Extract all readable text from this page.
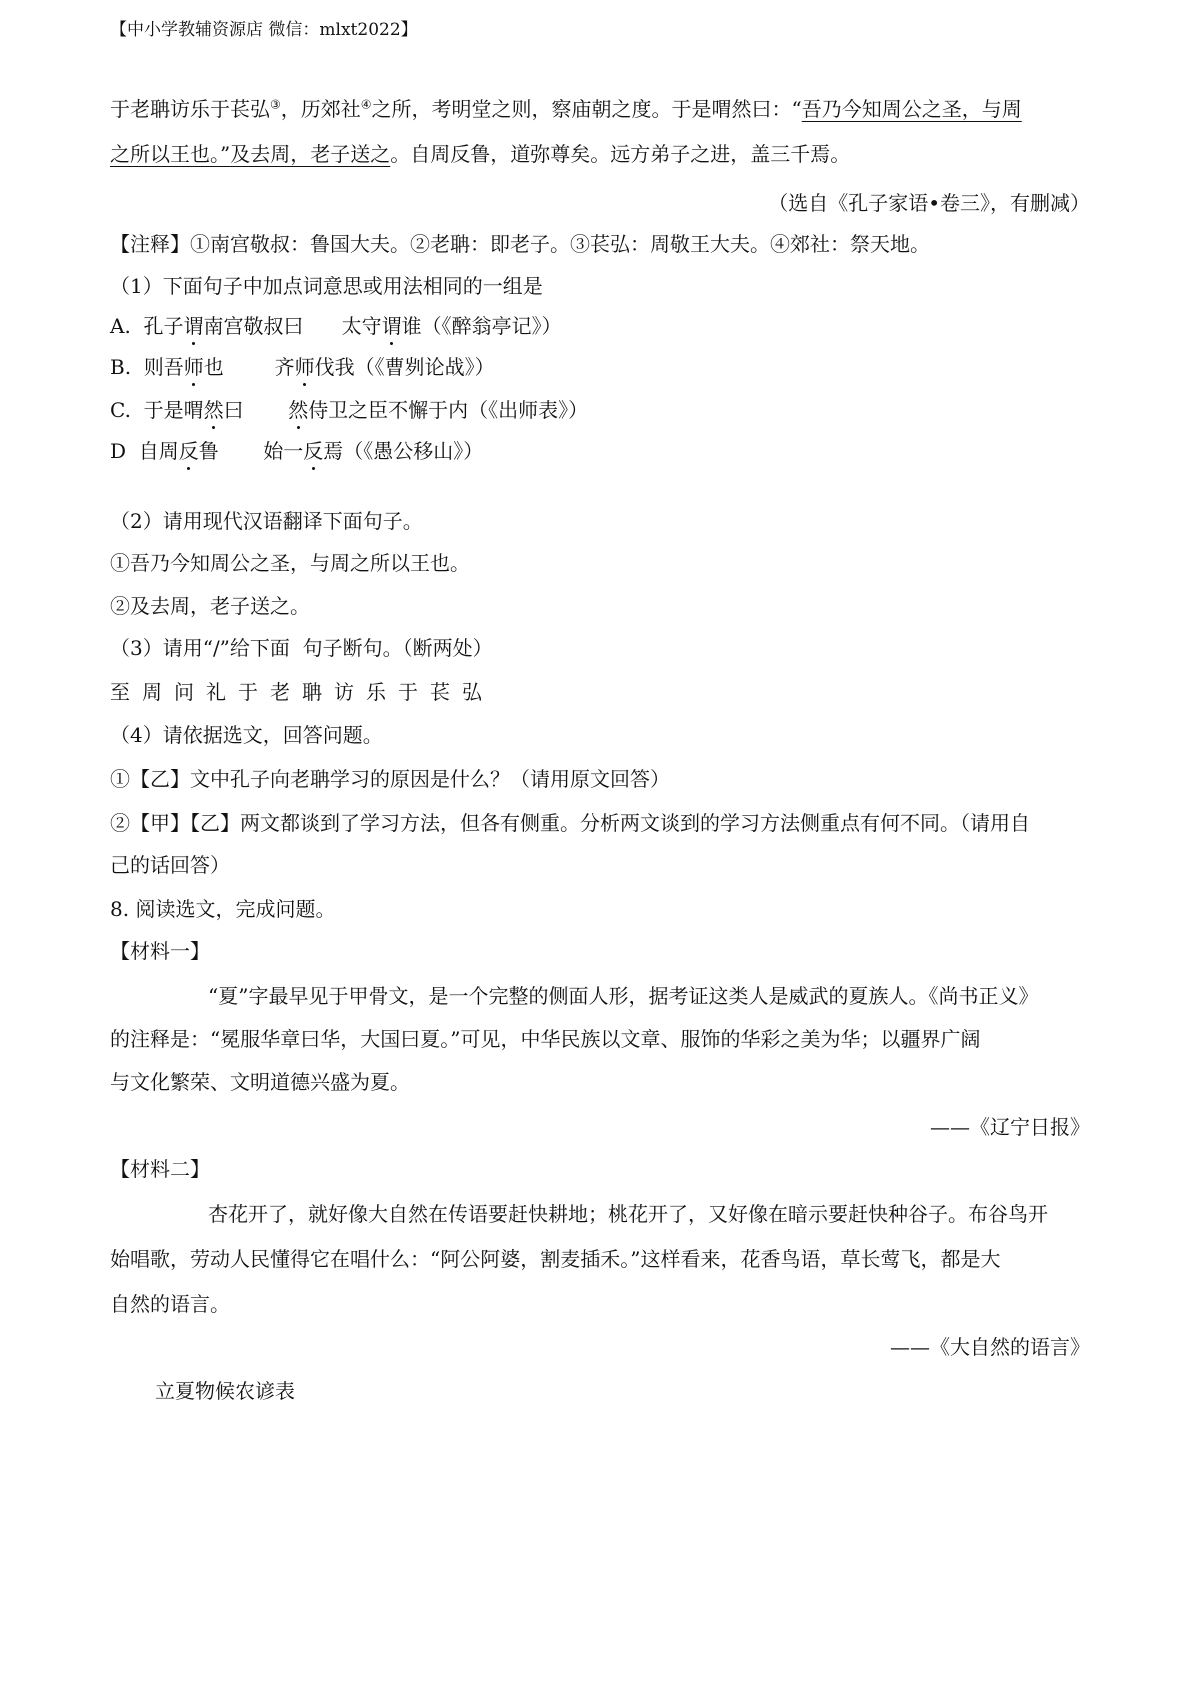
【中小学教辅资源店 微信：mlxt2022】
于老聃访乐于苌弘③，历郊社④之所，考明堂之则，察庙朝之度。于是喟然曰：“吾乃今知周公之圣，与周
之所以王也。”及去周，老子送之。自周反鲁，道弥尊矣。远方弟子之进，盖三千焉。
（选自《孔子家语•卷三》，有删减）
【注释】①南宫敬叔：鲁国大夫。②老聃：即老子。③苌弘：周敬王大夫。④郊社：祭天地。
（1）下面句子中加点词意思或用法相同的一组是
A.  孔子谓南宫敬叔曰      太守谓谁（《醉翁亭记》）
B.  则吾师也        齐师伐我（《曹刿论战》）
C.  于是喟然曰       然侍卫之臣不懈于内（《出师表》）
D  自周反鲁       始一反焉（《愚公移山》）
（2）请用现代汉语翻译下面句子。
①吾乃今知周公之圣，与周之所以王也。
②及去周，老子送之。
（3）请用“/”给下面  句子断句。（断两处）
至周问礼于老聃访乐于苌弘
（4）请依据选文，回答问题。
①【乙】文中孔子向老聃学习的原因是什么？（请用原文回答）
②【甲】【乙】两文都谈到了学习方法，但各有侧重。分析两文谈到的学习方法侧重点有何不同。（请用自
己的话回答）
8. 阅读选文，完成问题。
【材料一】
“夏”字最早见于甲骨文，是一个完整的侧面人形，据考证这类人是威武的夏族人。《尚书正义》
的注释是：“冕服华章曰华，大国曰夏。”可见，中华民族以文章、服饰的华彩之美为华；以疆界广阔
与文化繁荣、文明道德兴盛为夏。
——《辽宁日报》
【材料二】
杏花开了，就好像大自然在传语要赶快耕地；桃花开了，又好像在暗示要赶快种谷子。布谷鸟开
始唱歌，劳动人民懂得它在唱什么：“阿公阿婆，割麦插禾。”这样看来，花香鸟语，草长莺飞，都是大
自然的语言。
——《大自然的语言》
立夏物候农谚表
